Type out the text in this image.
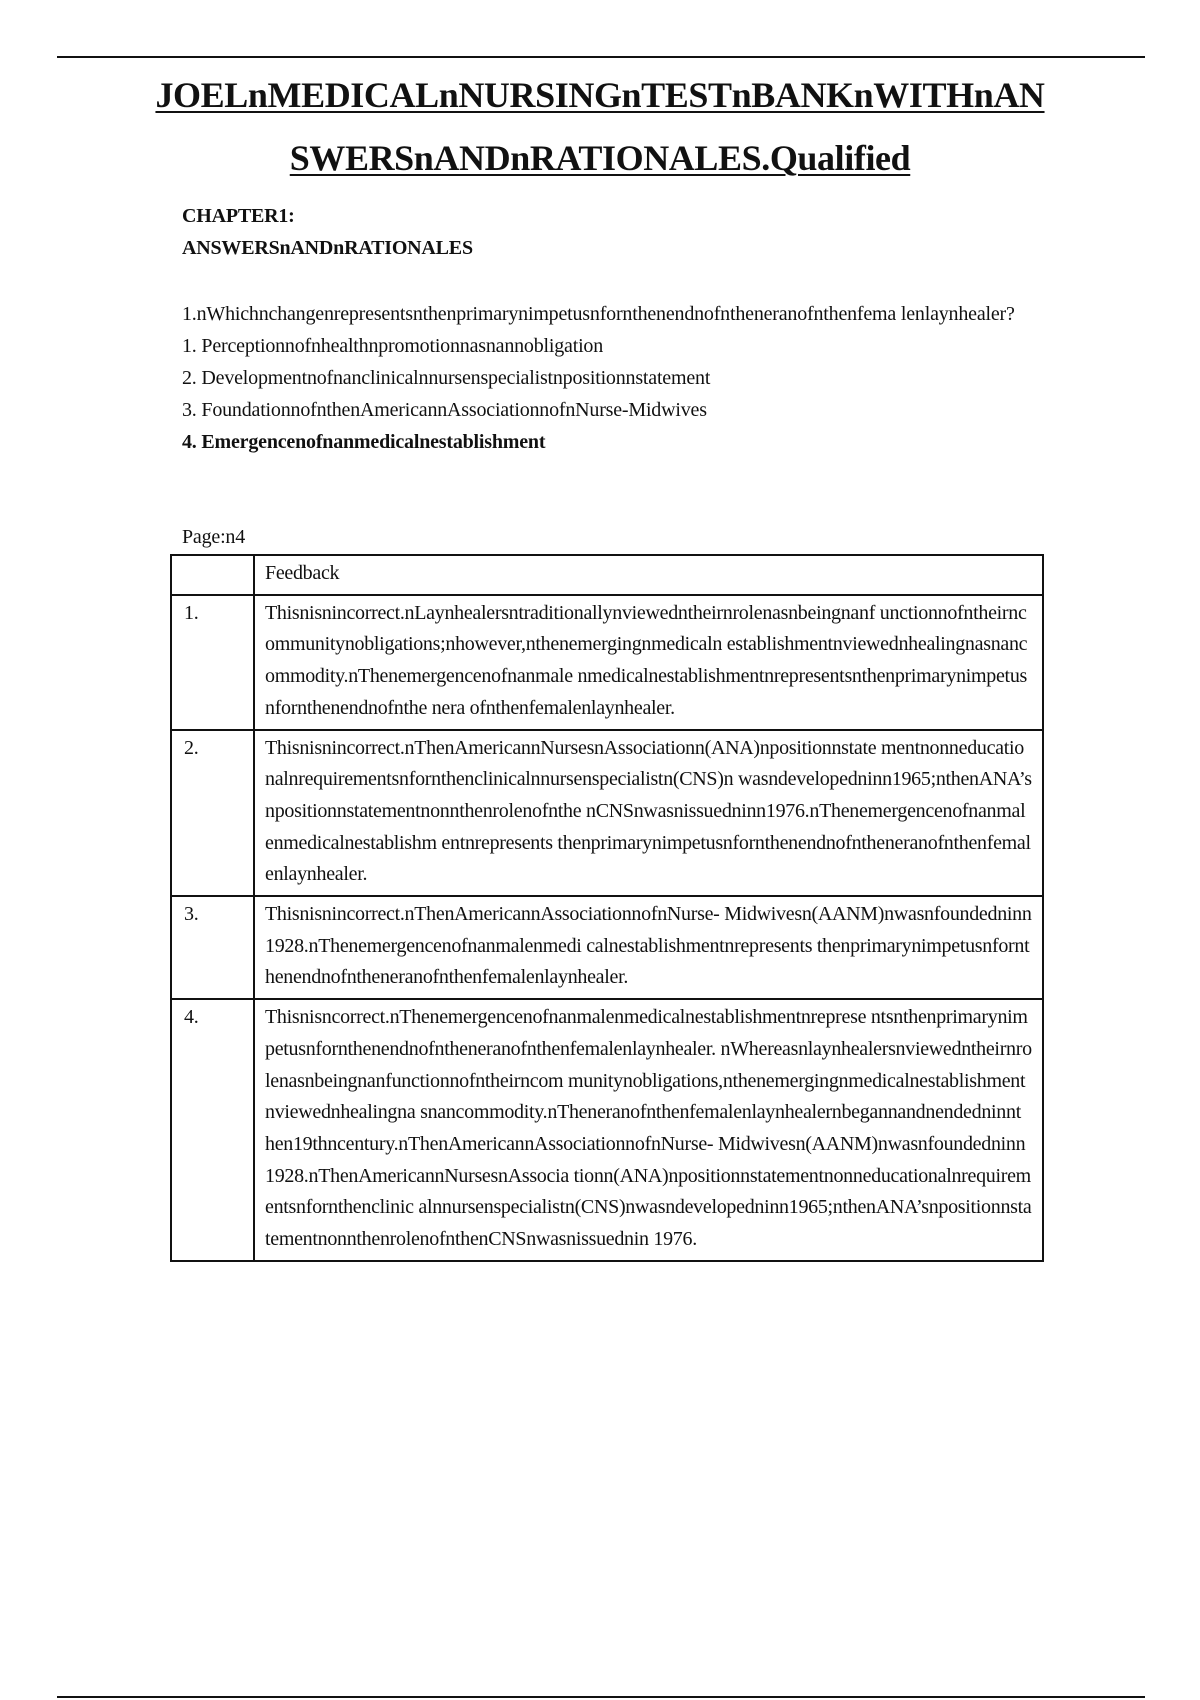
JOELnMEDICALnNURSINGnTESTnBANKnWITHnAN
SWERSnANDnRATIONALES.Qualified
CHAPTER1:
ANSWERSnANDnRATIONALES
1.nWhichnchangenrepresentsnthenprimarynimpetusnfornthenendnofntheneranofnthenfema lenlaynhealer?
1. Perceptionnofnhealthnpromotionnasnannobligation
2. Developmentnofnanclinicalnnursenspecialistnpositionnstatement
3. FoundationnofnthenAmericannAssociationnofnNurse-Midwives
4. Emergencenofnanmedicalnestablishment
Page:n4
	Feedback
1.	Thisnisnincorrect.nLaynhealersntraditionallynviewedntheirnrolenasnbeingnanf unctionnofntheirncommunitynobligations;nhowever,nthenemergingnmedicaln establishmentnviewednhealingnasnancommodity.nThenemergencenofnanmale nmedicalnestablishmentnrepresentsnthenprimarynimpetusnfornthenendnofnthe nera ofnthenfemalenlaynhealer.
2.	Thisnisnincorrect.nThenAmericannNursesnAssociationn(ANA)npositionnstate mentnonneducationalnrequirementsnfornthenclinicalnnursenspecialistn(CNS)n wasndevelopedninn1965;nthenANA’snpositionnstatementnonnthenrolenofnthe nCNSnwasnissuedninn1976.nThenemergencenofnanmalenmedicalnestablishm entnrepresents thenprimarynimpetusnfornthenendnofntheneranofnthenfemalenlaynhealer.
3.	Thisnisnincorrect.nThenAmericannAssociationnofnNurse- Midwivesn(AANM)nwasnfoundedninn1928.nThenemergencenofnanmalenmedi calnestablishmentnrepresents thenprimarynimpetusnfornthenendnofntheneranofnthenfemalenlaynhealer.
4.	Thisnisncorrect.nThenemergencenofnanmalenmedicalnestablishmentnreprese ntsnthenprimarynimpetusnfornthenendnofntheneranofnthenfemalenlaynhealer. nWhereasnlaynhealersnviewedntheirnrolenasnbeingnanfunctionnofntheirncom munitynobligations,nthenemergingnmedicalnestablishmentnviewednhealingna snancommodity.nTheneranofnthenfemalenlaynhealernbegannandnendedninnt hen19thncentury.nThenAmericannAssociationnofnNurse- Midwivesn(AANM)nwasnfoundedninn1928.nThenAmericannNursesnAssocia tionn(ANA)npositionnstatementnonneducationalnrequirementsnfornthenclinic alnnursenspecialistn(CNS)nwasndevelopedninn1965;nthenANA’snpositionnsta tementnonnthenrolenofnthenCNSnwasnissuednin 1976.
